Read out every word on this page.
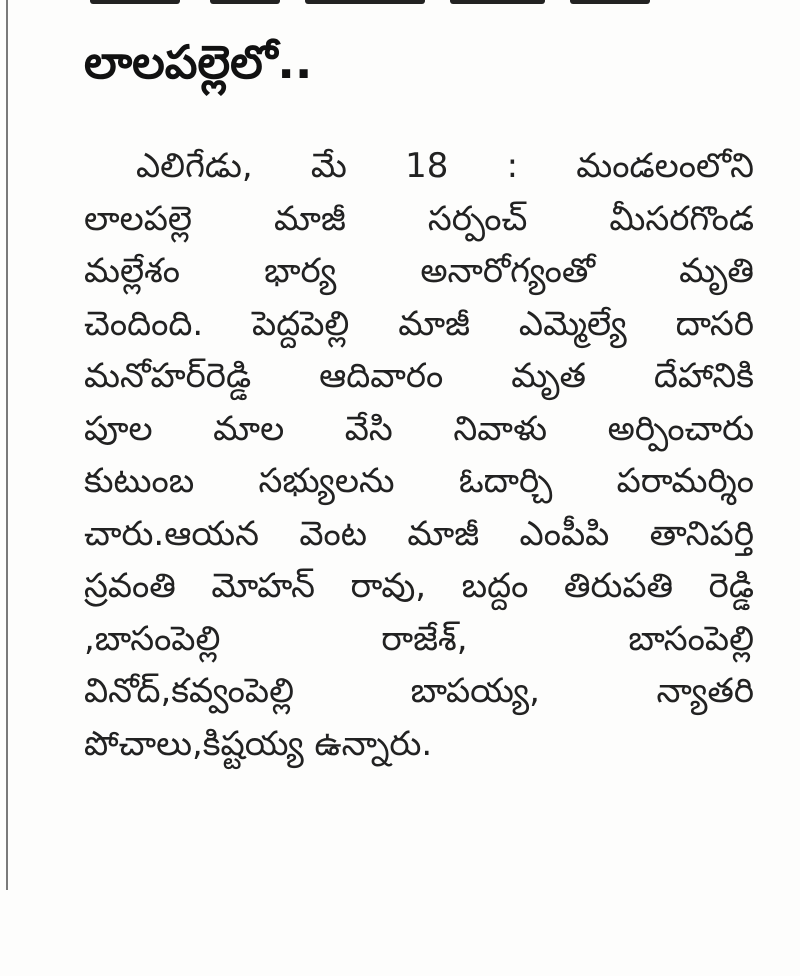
లాలపల్లెలో..
ఎలిగేడు, మే 18 : మండలంలోని
లాలపల్లె మాజీ సర్పంచ్ మీసరగొండ
మల్లేశం భార్య అనారోగ్యంతో మృతి
చెందింది. పెద్దపెల్లి మాజీ ఎమ్మెల్యే దాసరి
మనోహర్‌రెడ్డి ఆదివారం మృత దేహానికి
పూల మాల వేసి నివాళు అర్పించారు
కుటుంబ సభ్యులను ఓదార్చి పరామర్శిం
చారు.ఆయన వెంట మాజీ ఎంపీపి తానిపర్తి
స్రవంతి మోహన్ రావు, బద్దం తిరుపతి రెడ్డి
,బాసంపెల్లి రాజేశ్, బాసంపెల్లి
వినోద్,కవ్వంపెల్లి బాపయ్య, న్యాతరి
పోచాలు,కిష్టయ్య ఉన్నారు.
